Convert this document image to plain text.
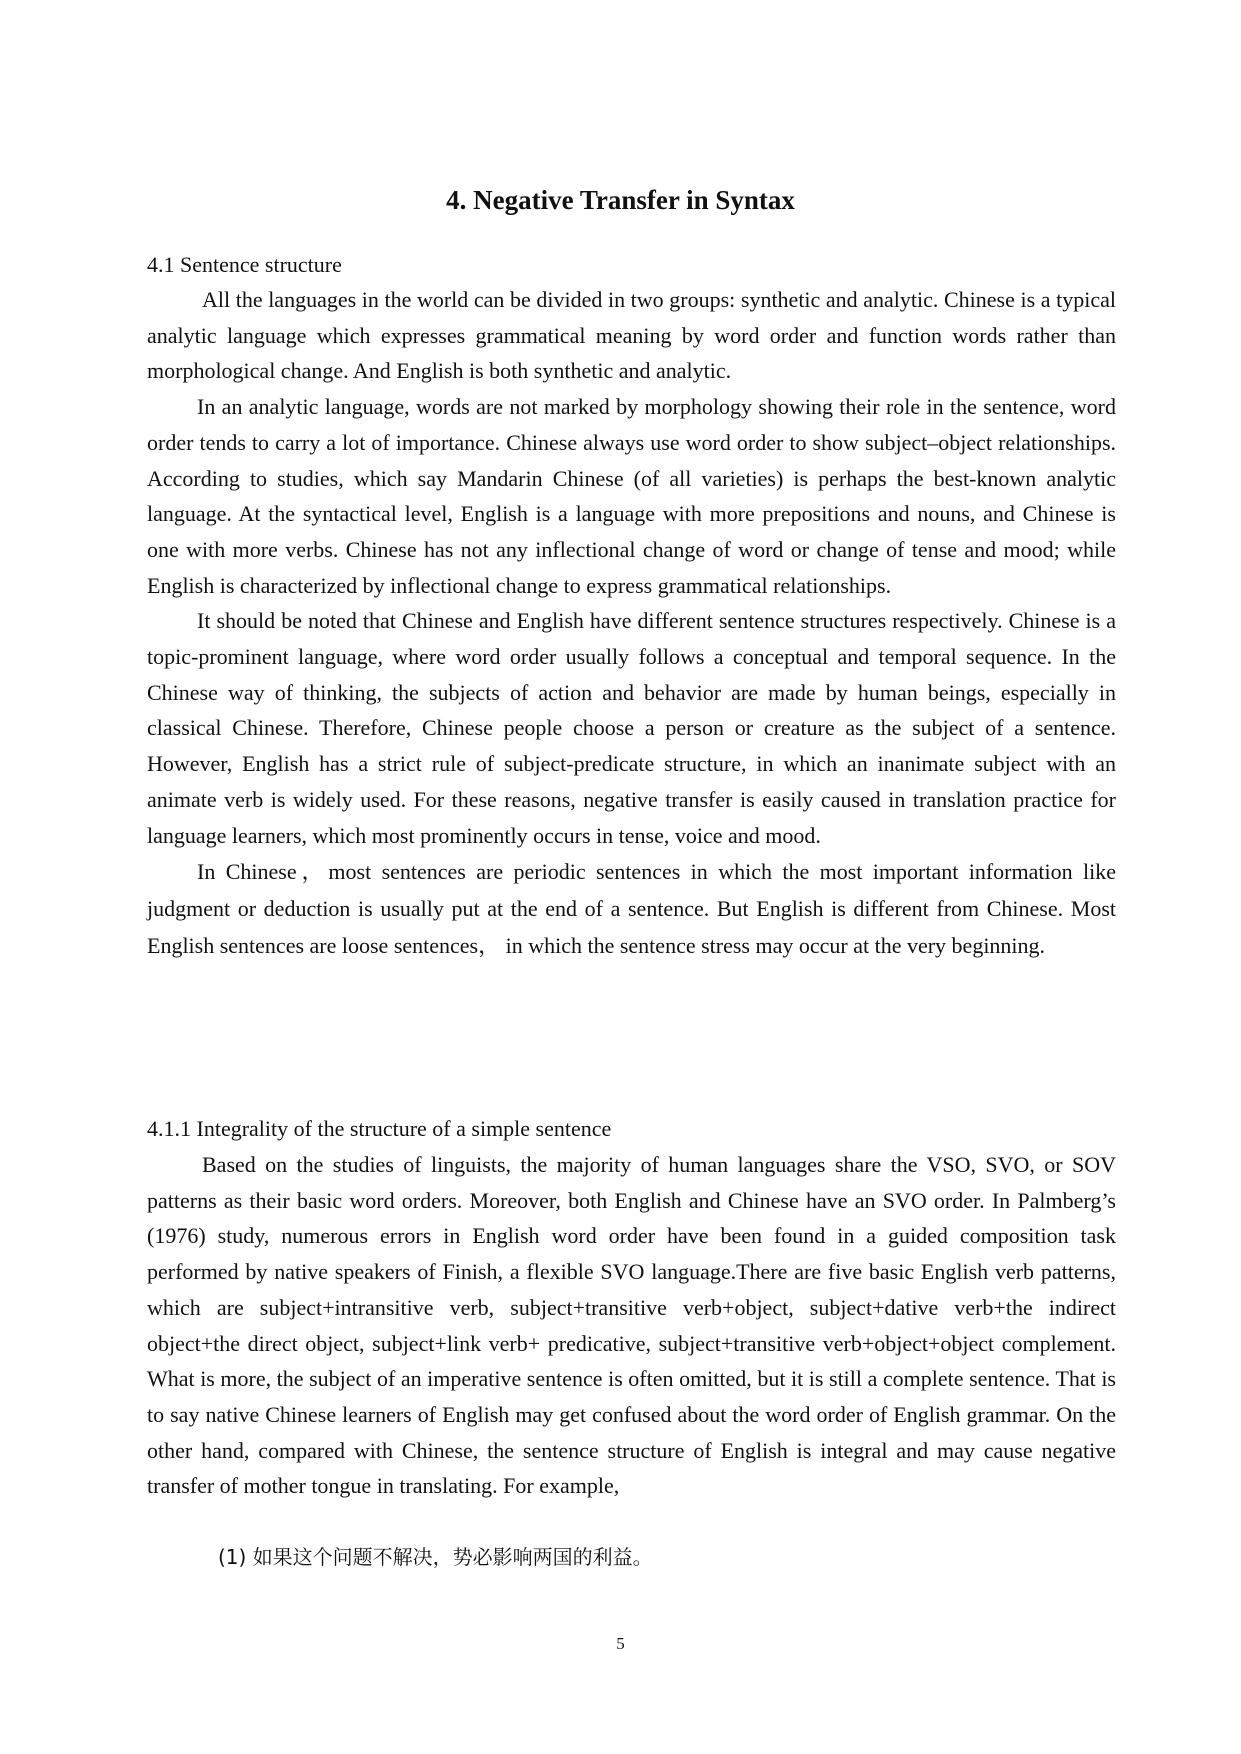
4. Negative Transfer in Syntax
4.1 Sentence structure

All the languages in the world can be divided in two groups: synthetic and analytic. Chinese is a typical analytic language which expresses grammatical meaning by word order and function words rather than morphological change. And English is both synthetic and analytic.

In an analytic language, words are not marked by morphology showing their role in the sentence, word order tends to carry a lot of importance. Chinese always use word order to show subject–object relationships. According to studies, which say Mandarin Chinese (of all varieties) is perhaps the best-known analytic language. At the syntactical level, English is a language with more prepositions and nouns, and Chinese is one with more verbs. Chinese has not any inflectional change of word or change of tense and mood; while English is characterized by inflectional change to express grammatical relationships.

It should be noted that Chinese and English have different sentence structures respectively. Chinese is a topic-prominent language, where word order usually follows a conceptual and temporal sequence. In the Chinese way of thinking, the subjects of action and behavior are made by human beings, especially in classical Chinese. Therefore, Chinese people choose a person or creature as the subject of a sentence. However, English has a strict rule of subject-predicate structure, in which an inanimate subject with an animate verb is widely used. For these reasons, negative transfer is easily caused in translation practice for language learners, which most prominently occurs in tense, voice and mood.

In Chinese，most sentences are periodic sentences in which the most important information like judgment or deduction is usually put at the end of a sentence. But English is different from Chinese. Most English sentences are loose sentences， in which the sentence stress may occur at the very beginning.

4.1.1 Integrality of the structure of a simple sentence

Based on the studies of linguists, the majority of human languages share the VSO, SVO, or SOV patterns as their basic word orders. Moreover, both English and Chinese have an SVO order. In Palmberg’s (1976) study, numerous errors in English word order have been found in a guided composition task performed by native speakers of Finish, a flexible SVO language.There are five basic English verb patterns, which are subject+intransitive verb, subject+transitive verb+object, subject+dative verb+the indirect object+the direct object, subject+link verb+ predicative, subject+transitive verb+object+object complement. What is more, the subject of an imperative sentence is often omitted, but it is still a complete sentence. That is to say native Chinese learners of English may get confused about the word order of English grammar. On the other hand, compared with Chinese, the sentence structure of English is integral and may cause negative transfer of mother tongue in translating. For example,

(1) 如果这个问题不解决，势必影响两国的利益。

5
